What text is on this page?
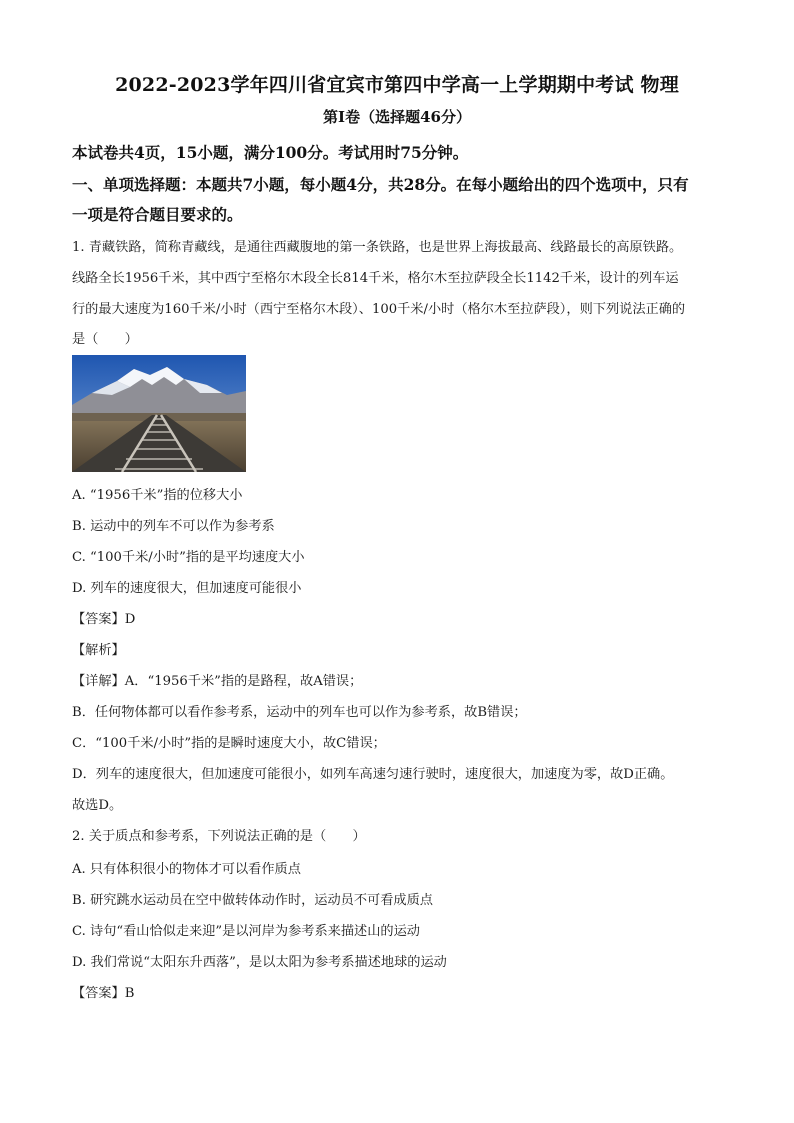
2022-2023学年四川省宜宾市第四中学高一上学期期中考试 物理
第I卷（选择题46分）
本试卷共4页，15小题，满分100分。考试用时75分钟。
一、单项选择题：本题共7小题，每小题4分，共28分。在每小题给出的四个选项中，只有
一项是符合题目要求的。
1. 青藏铁路，简称青藏线，是通往西藏腹地的第一条铁路，也是世界上海拔最高、线路最长的高原铁路。
线路全长1956千米，其中西宁至格尔木段全长814千米，格尔木至拉萨段全长1142千米，设计的列车运
行的最大速度为160千米/小时（西宁至格尔木段）、100千米/小时（格尔木至拉萨段），则下列说法正确的
是（　　）
A. “1956千米”指的位移大小
B. 运动中的列车不可以作为参考系
C. “100千米/小时”指的是平均速度大小
D. 列车的速度很大，但加速度可能很小
【答案】D
【解析】
【详解】A．“1956千米”指的是路程，故A错误；
B．任何物体都可以看作参考系，运动中的列车也可以作为参考系，故B错误；
C．“100千米/小时”指的是瞬时速度大小，故C错误；
D．列车的速度很大，但加速度可能很小，如列车高速匀速行驶时，速度很大，加速度为零，故D正确。
故选D。
2. 关于质点和参考系，下列说法正确的是（　　）
A. 只有体积很小的物体才可以看作质点
B. 研究跳水运动员在空中做转体动作时，运动员不可看成质点
C. 诗句“看山恰似走来迎”是以河岸为参考系来描述山的运动
D. 我们常说“太阳东升西落”，是以太阳为参考系描述地球的运动
【答案】B
